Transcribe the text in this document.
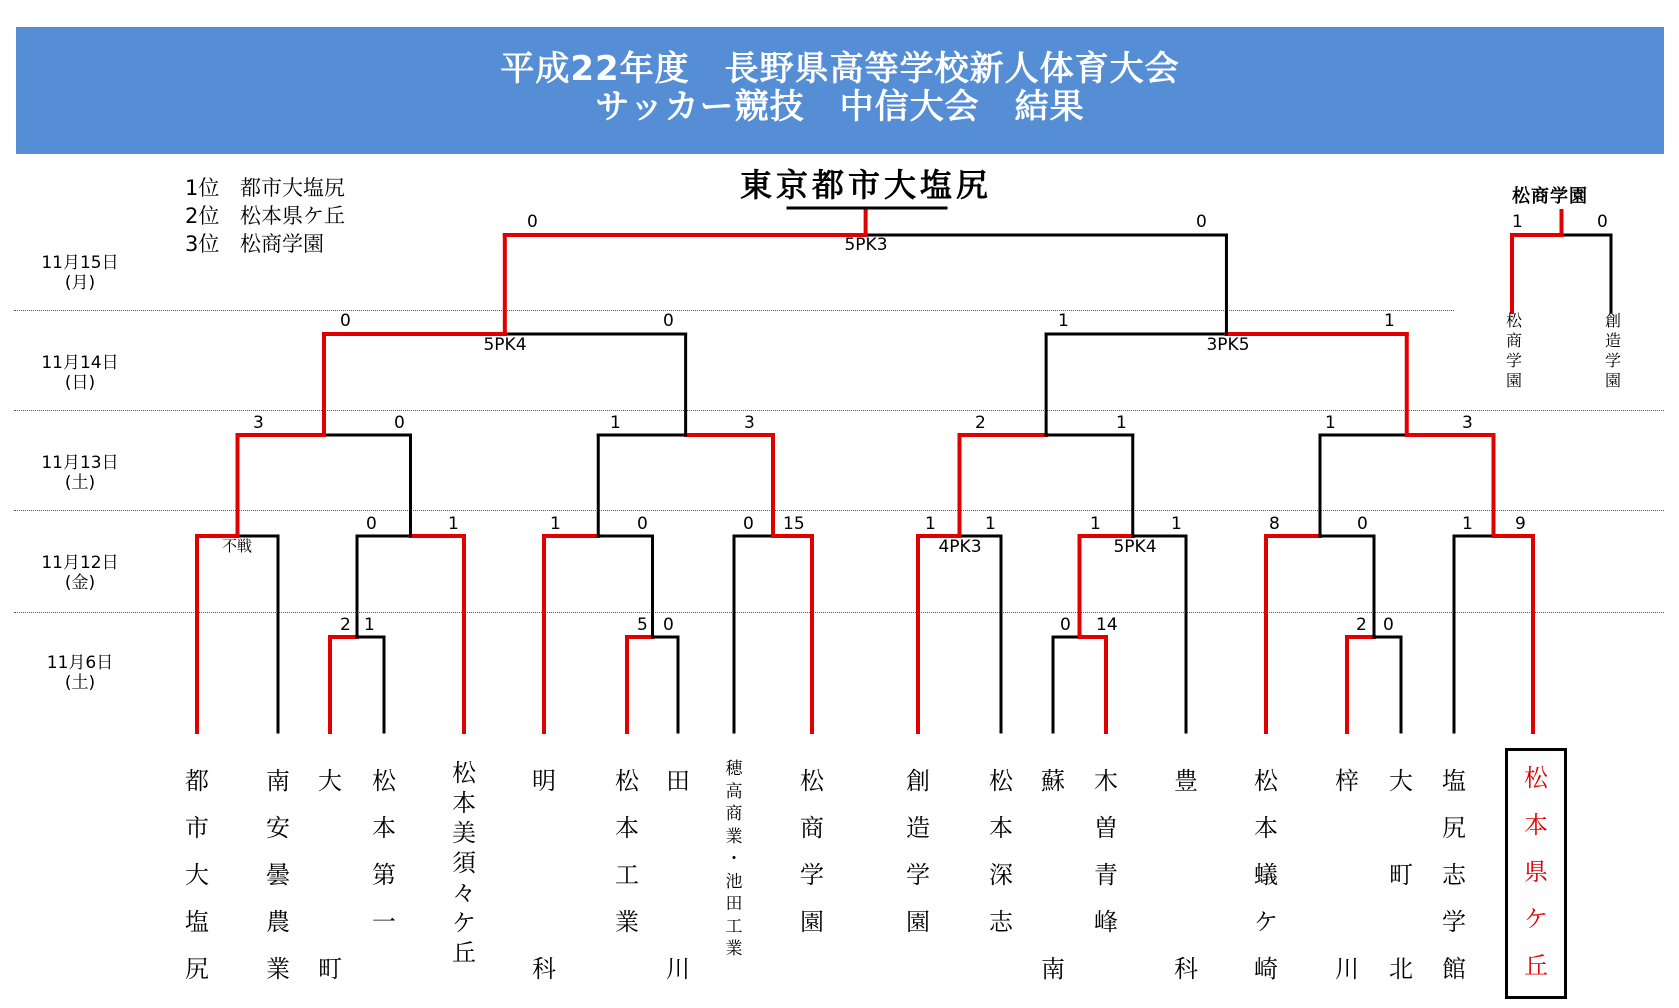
平成22年度　長野県高等学校新人体育大会
サッカー競技　中信大会　結果
1位 都市大塩尻
2位 松本県ケ丘
3位 松商学園
東京都市大塩尻	松商学園
11月15日
(月)
11月14日
(日)
11月13日
(土)
11月12日
(金)
11月6日
(土)
0	0
5PK3
0	0
5PK4
1	1
3PK5
3	0	1	3	2	1	1	3
不戦
0	1	1	0	0 15	1	1
4PK3
1	1
5PK4
8	0	1 9
2 1	5 0	0 14	2 0
1	0
松
商
学
園
創
造
学
園
都
市
大
塩
尻
南
安
曇
農
業
大

町
松
本
第
一

松
本
美
須
々
ケ
丘
明

科
松
本
工
業
田

川
穂
高
商
業
・
池
田
工
業
松
商
学
園
創
造
学
園
松
本
深
志
蘇

南
木
曽
青
峰
豊

科
松
本
蟻
ケ
崎
梓

川
大

町

北
塩
尻
志
学
館
松
本
県
ケ
丘
